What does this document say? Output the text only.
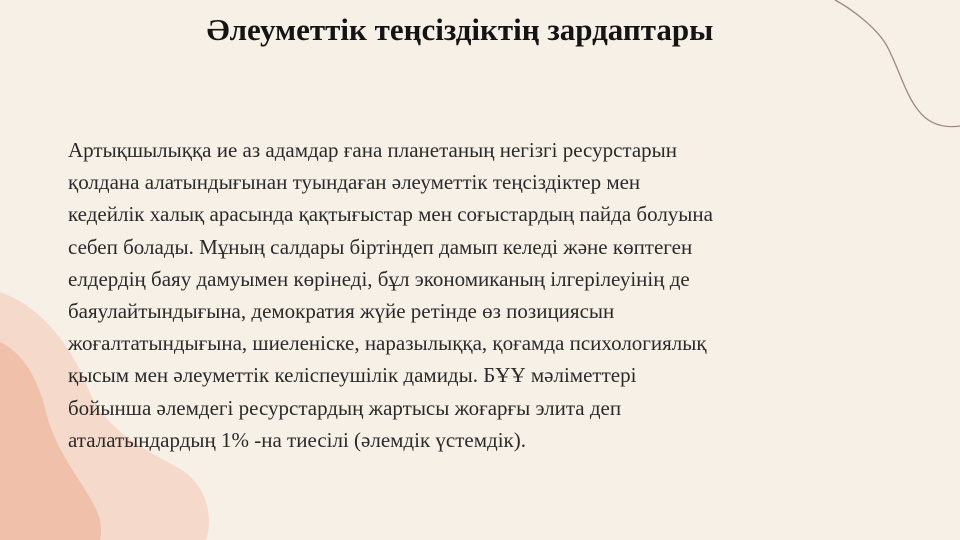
Әлеуметтік теңсіздіктің зардаптары

Артықшылыққа ие аз адамдар ғана планетаның негізгі ресурстарын
қолдана алатындығынан туындаған әлеуметтік теңсіздіктер мен
кедейлік халық арасында қақтығыстар мен соғыстардың пайда болуына
себеп болады. Мұның салдары біртіндеп дамып келеді және көптеген
елдердің баяу дамуымен көрінеді, бұл экономиканың ілгерілеуінің де
баяулайтындығына, демократия жүйе ретінде өз позициясын
жоғалтатындығына, шиеленіске, наразылыққа, қоғамда психологиялық
қысым мен әлеуметтік келіспеушілік дамиды. БҰҰ мәліметтері
бойынша әлемдегі ресурстардың жартысы жоғарғы элита деп
аталатындардың 1% -на тиесілі (әлемдік үстемдік).
